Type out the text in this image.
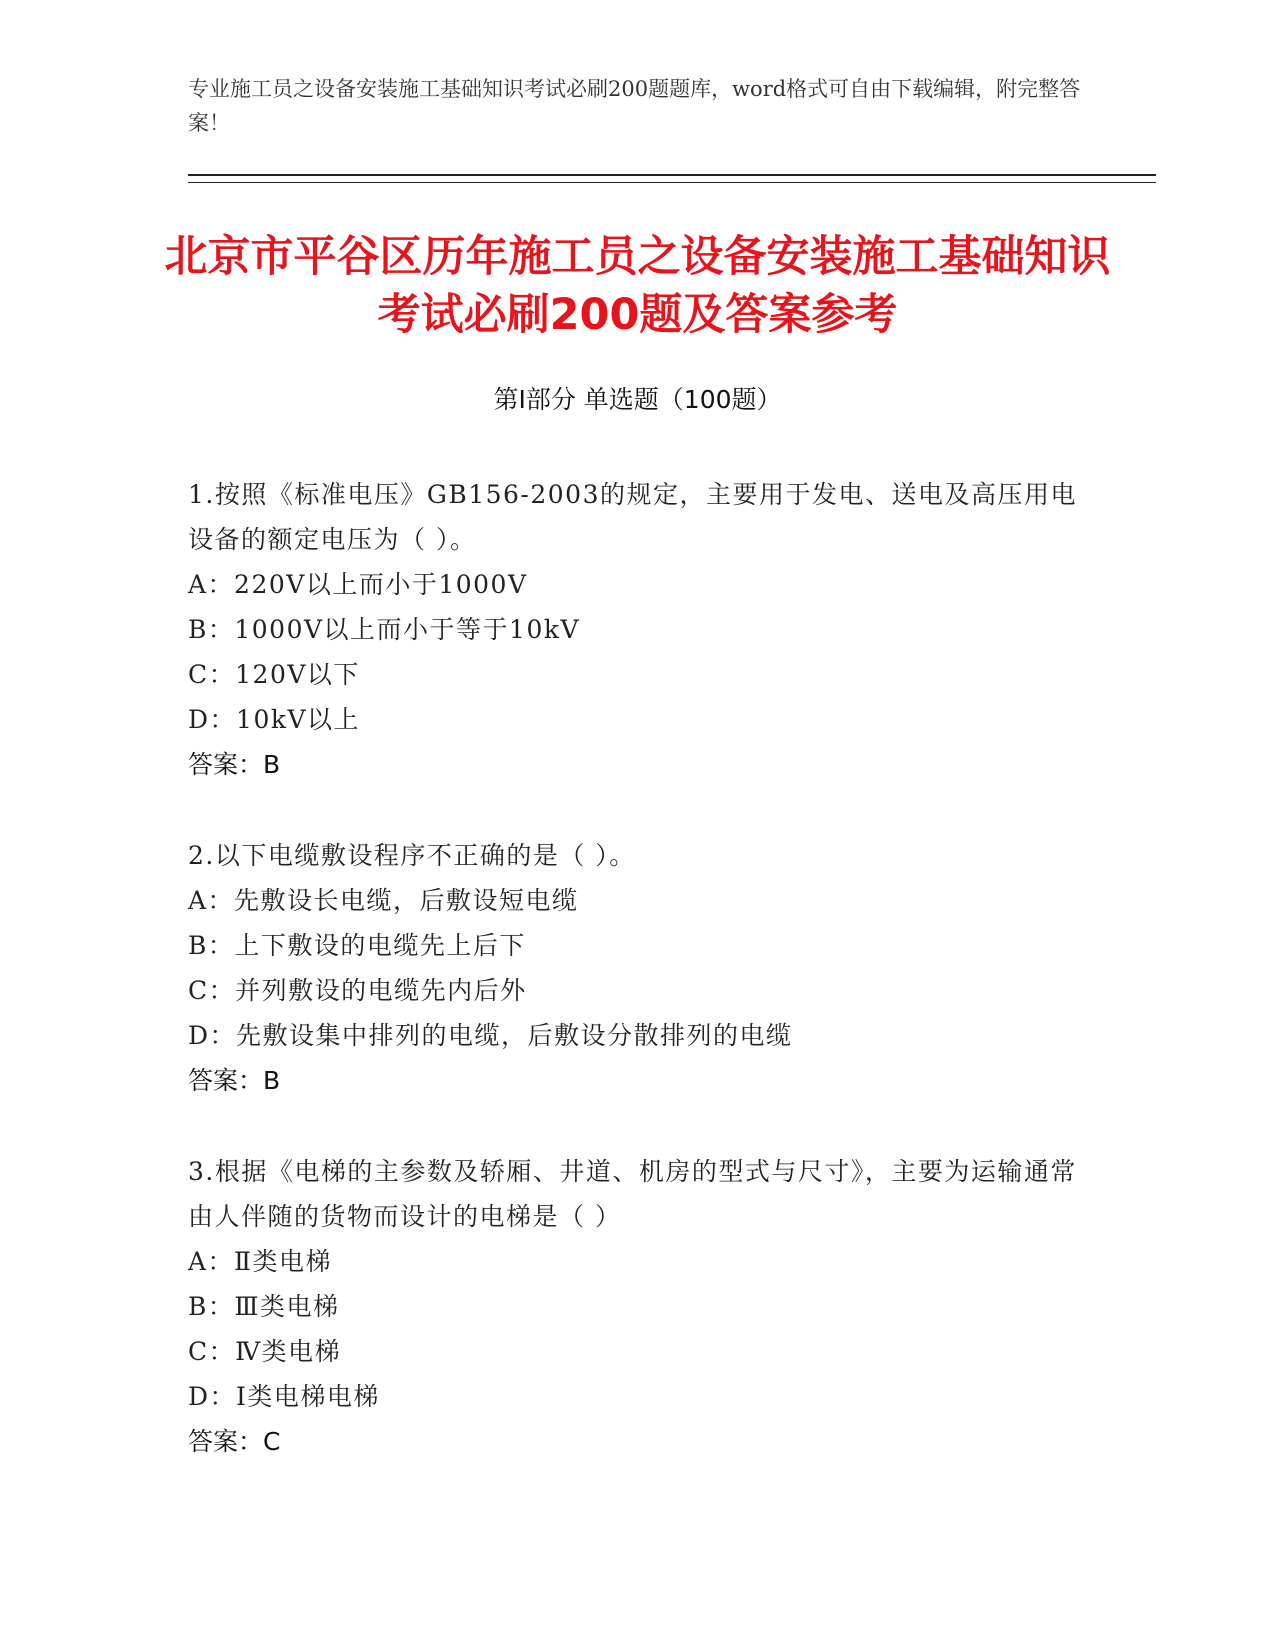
专业施工员之设备安装施工基础知识考试必刷200题题库，word格式可自由下载编辑，附完整答案！
北京市平谷区历年施工员之设备安装施工基础知识考试必刷200题及答案参考
第Ⅰ部分 单选题（100题）
1.按照《标准电压》GB156-2003的规定，主要用于发电、送电及高压用电设备的额定电压为（ ）。
A：220V以上而小于1000V
B：1000V以上而小于等于10kV
C：120V以下
D：10kV以上
答案：B
2.以下电缆敷设程序不正确的是（ ）。
A：先敷设长电缆，后敷设短电缆
B：上下敷设的电缆先上后下
C：并列敷设的电缆先内后外
D：先敷设集中排列的电缆，后敷设分散排列的电缆
答案：B
3.根据《电梯的主参数及轿厢、井道、机房的型式与尺寸》，主要为运输通常由人伴随的货物而设计的电梯是（ ）
A：Ⅱ类电梯
B：Ⅲ类电梯
C：Ⅳ类电梯
D：Ⅰ类电梯电梯
答案：C
